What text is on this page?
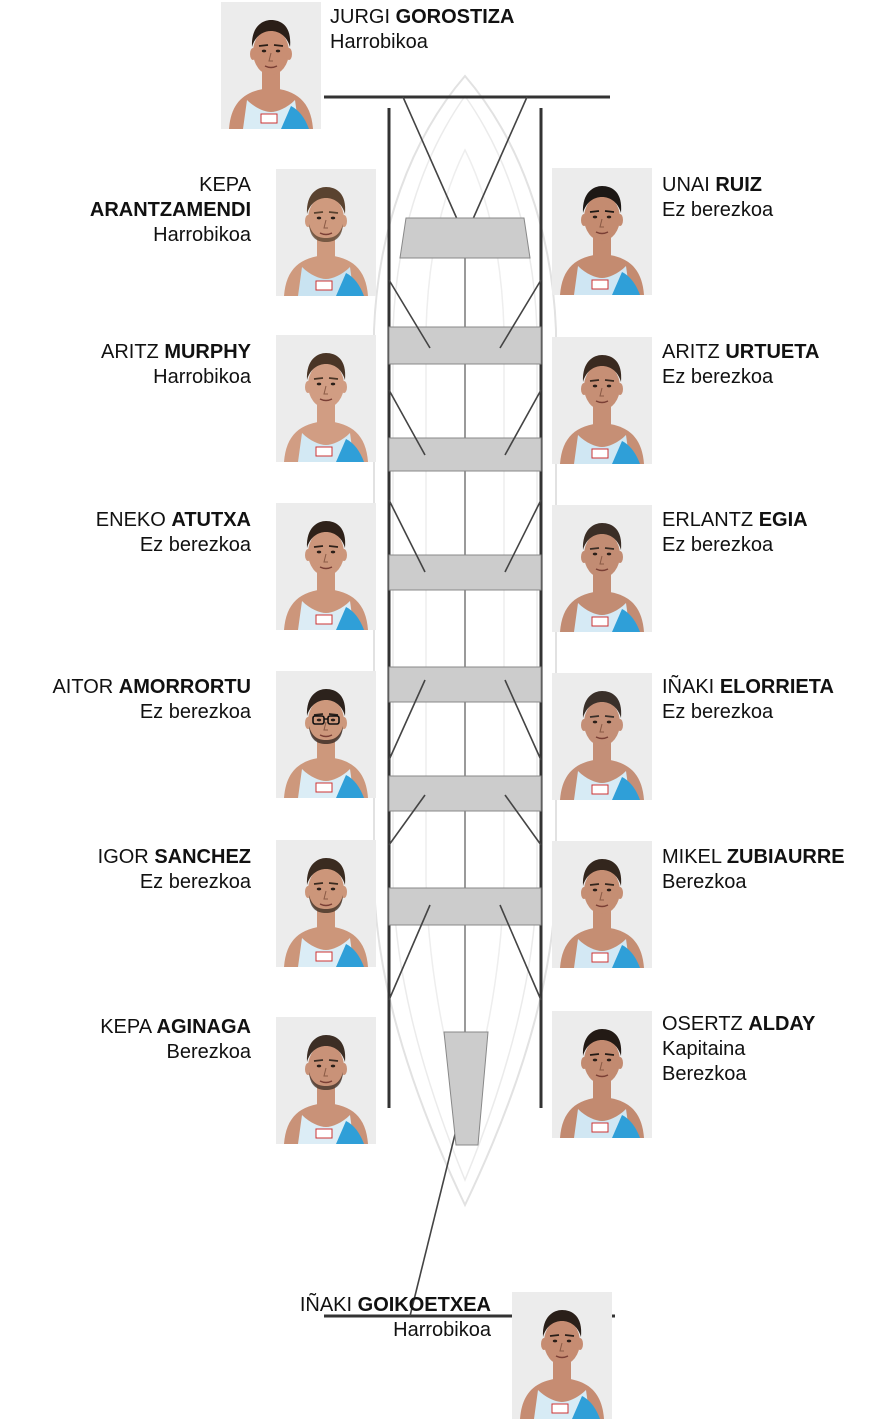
JURGI GOROSTIZA
Harrobikoa
KEPA
ARANTZAMENDI
Harrobikoa
UNAI RUIZ
Ez berezkoa
ARITZ MURPHY
Harrobikoa
ARITZ URTUETA
Ez berezkoa
ENEKO ATUTXA
Ez berezkoa
ERLANTZ EGIA
Ez berezkoa
AITOR AMORRORTU
Ez berezkoa
IÑAKI ELORRIETA
Ez berezkoa
IGOR SANCHEZ
Ez berezkoa
MIKEL ZUBIAURRE
Berezkoa
KEPA AGINAGA
Berezkoa
OSERTZ ALDAY
Kapitaina
Berezkoa
IÑAKI GOIKOETXEA
Harrobikoa
